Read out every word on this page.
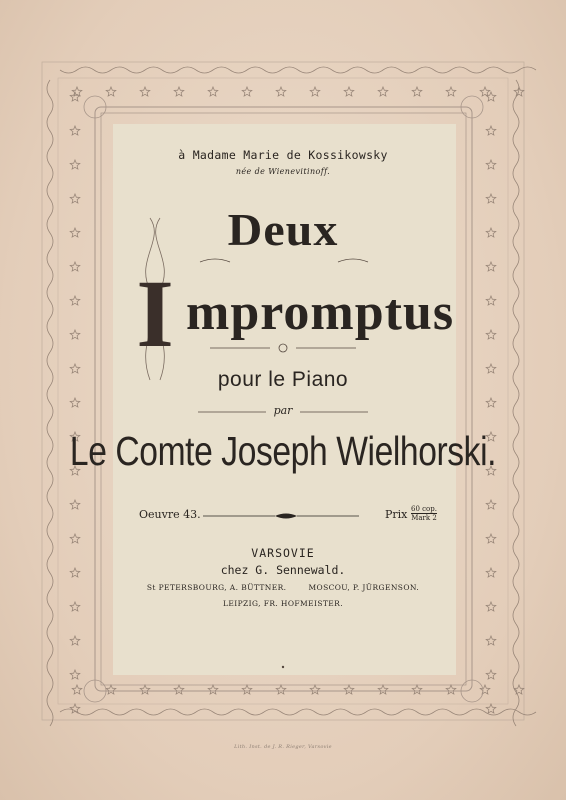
à Madame Marie de Kossikowsky
née de Wienevitinoff.
Deux
I mpromptus
pour le Piano
par
Le Comte Joseph Wielhorski.
Oeuvre 43.	Prix 60 cop.
Mark 2
VARSOVIE
chez G. Sennewald.
St PETERSBOURG, A. BÜTTNER.	MOSCOU, P. JÜRGENSON.
LEIPZIG, FR. HOFMEISTER.
Lith. Inst. de J. R. Rieger, Varsovie
